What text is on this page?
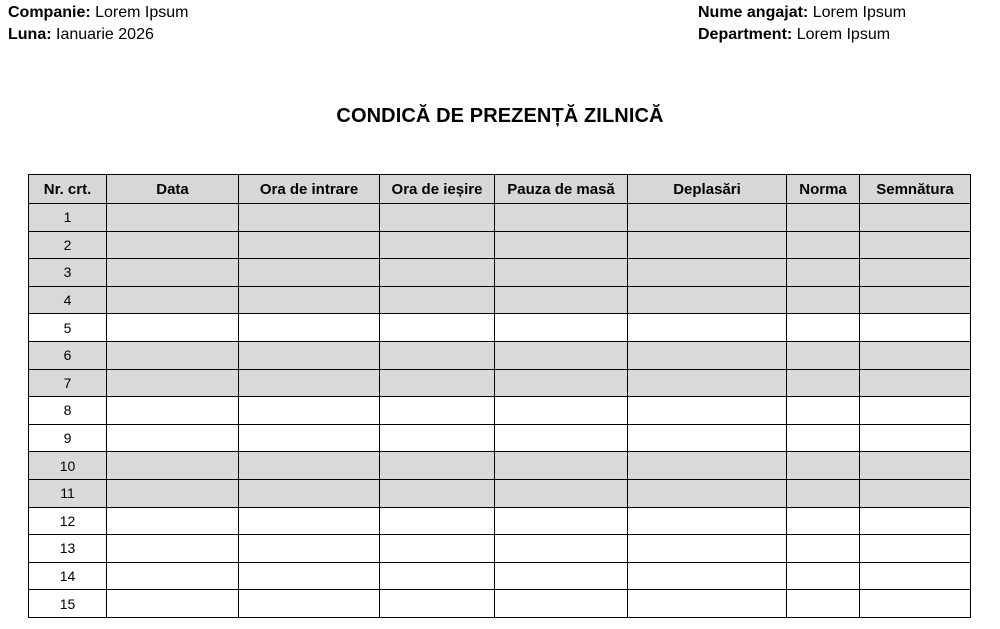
Companie: Lorem Ipsum
Luna: Ianuarie 2026
Nume angajat: Lorem Ipsum
Department: Lorem Ipsum
CONDICĂ DE PREZENȚĂ ZILNICĂ
Nr. crt.	Data	Ora de intrare	Ora de ieșire	Pauza de masă	Deplasări	Norma	Semnătura
1							
2							
3							
4							
5							
6							
7							
8							
9							
10							
11							
12							
13							
14							
15							
